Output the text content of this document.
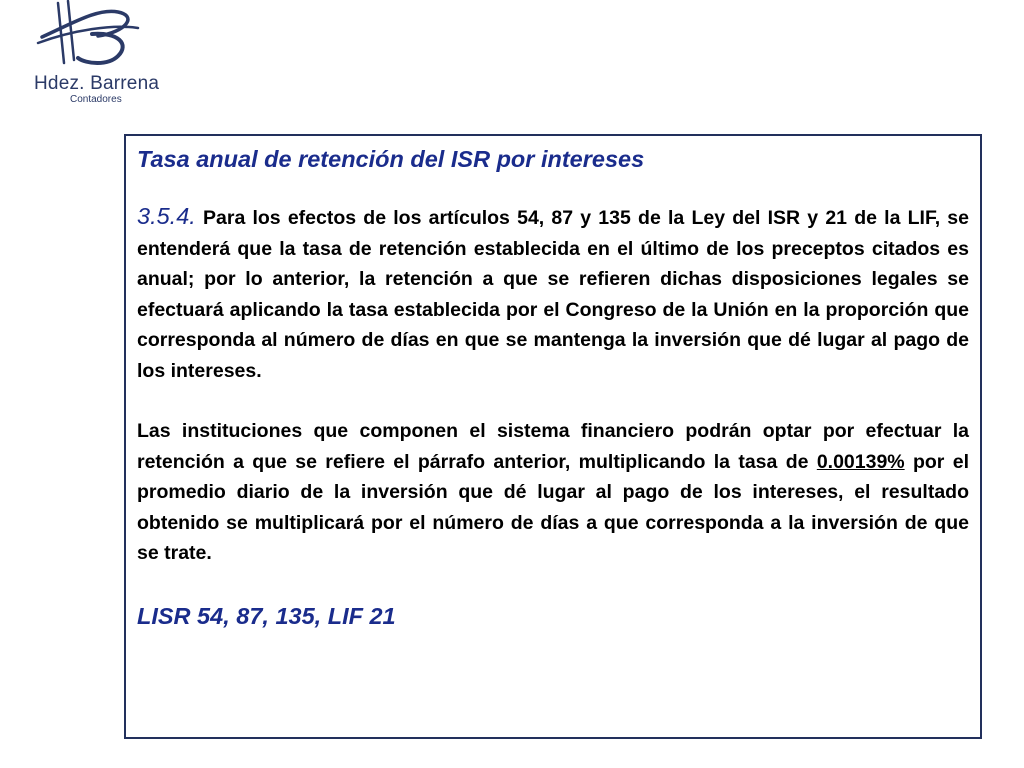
Hdez. Barrena
Contadores

Tasa anual de retención del ISR por intereses

3.5.4. Para los efectos de los artículos 54, 87 y 135 de la Ley del ISR y 21 de la LIF, se entenderá que la tasa de retención establecida en el último de los preceptos citados es anual; por lo anterior, la retención a que se refieren dichas disposiciones legales se efectuará aplicando la tasa establecida por el Congreso de la Unión en la proporción que corresponda al número de días en que se mantenga la inversión que dé lugar al pago de los intereses.

Las instituciones que componen el sistema financiero podrán optar por efectuar la retención a que se refiere el párrafo anterior, multiplicando la tasa de 0.00139% por el promedio diario de la inversión que dé lugar al pago de los intereses, el resultado obtenido se multiplicará por el número de días a que corresponda a la inversión de que se trate.

LISR 54, 87, 135, LIF 21
